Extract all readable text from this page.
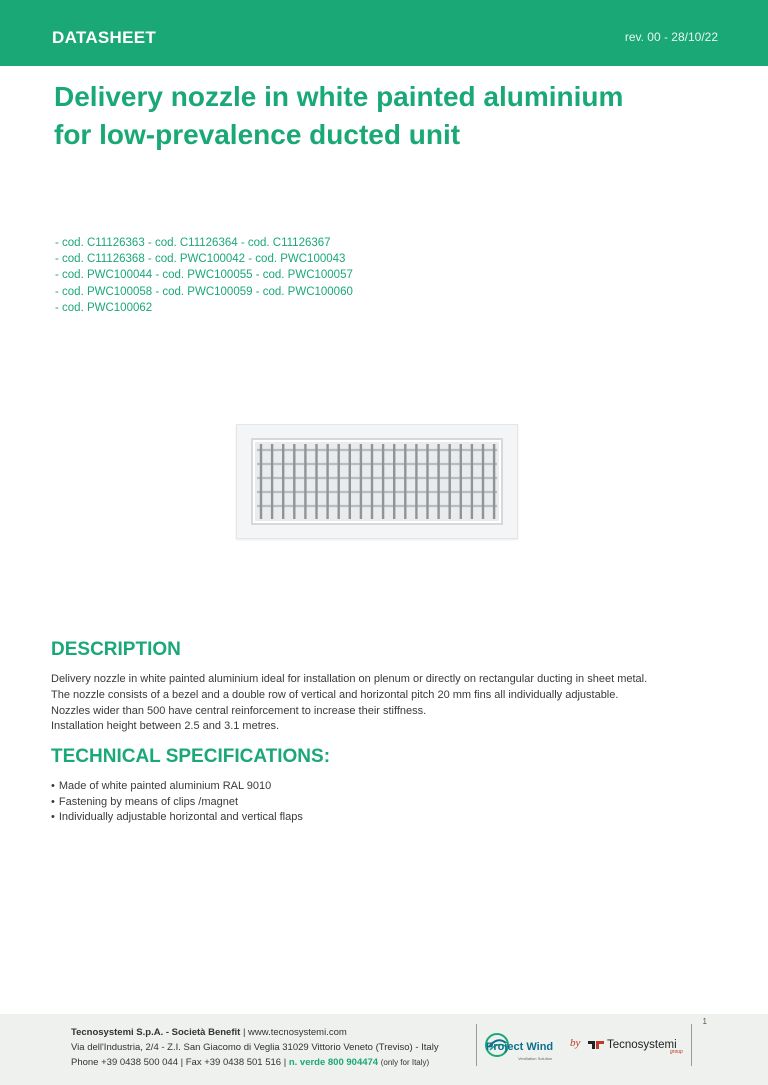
DATASHEET	rev. 00 - 28/10/22
Delivery nozzle in white painted aluminium for low-prevalence ducted unit
- cod. C11126363 - cod. C11126364 - cod. C11126367
- cod. C11126368 - cod. PWC100042 - cod. PWC100043
- cod. PWC100044 - cod. PWC100055 - cod. PWC100057
- cod. PWC100058 - cod. PWC100059 - cod. PWC100060
- cod. PWC100062
DESCRIPTION
Delivery nozzle in white painted aluminium ideal for installation on plenum or directly on rectangular ducting in sheet metal.
The nozzle consists of a bezel and a double row of vertical and horizontal pitch 20 mm fins all individually adjustable.
Nozzles wider than 500 have central reinforcement to increase their stiffness.
Installation height between 2.5 and 3.1 metres.
TECHNICAL SPECIFICATIONS:
• Made of white painted aluminium RAL 9010
• Fastening by means of clips /magnet
• Individually adjustable horizontal and vertical flaps
1
Tecnosystemi S.p.A. - Società Benefit | www.tecnosystemi.com
Via dell'Industria, 2/4 - Z.I. San Giacomo di Veglia 31029 Vittorio Veneto (Treviso) - Italy
Phone +39 0438 500 044 | Fax +39 0438 501 516 | n. verde 800 904474 (only for Italy)
Project Wind
Ventilation Solution
by Tecnosystemi
group
